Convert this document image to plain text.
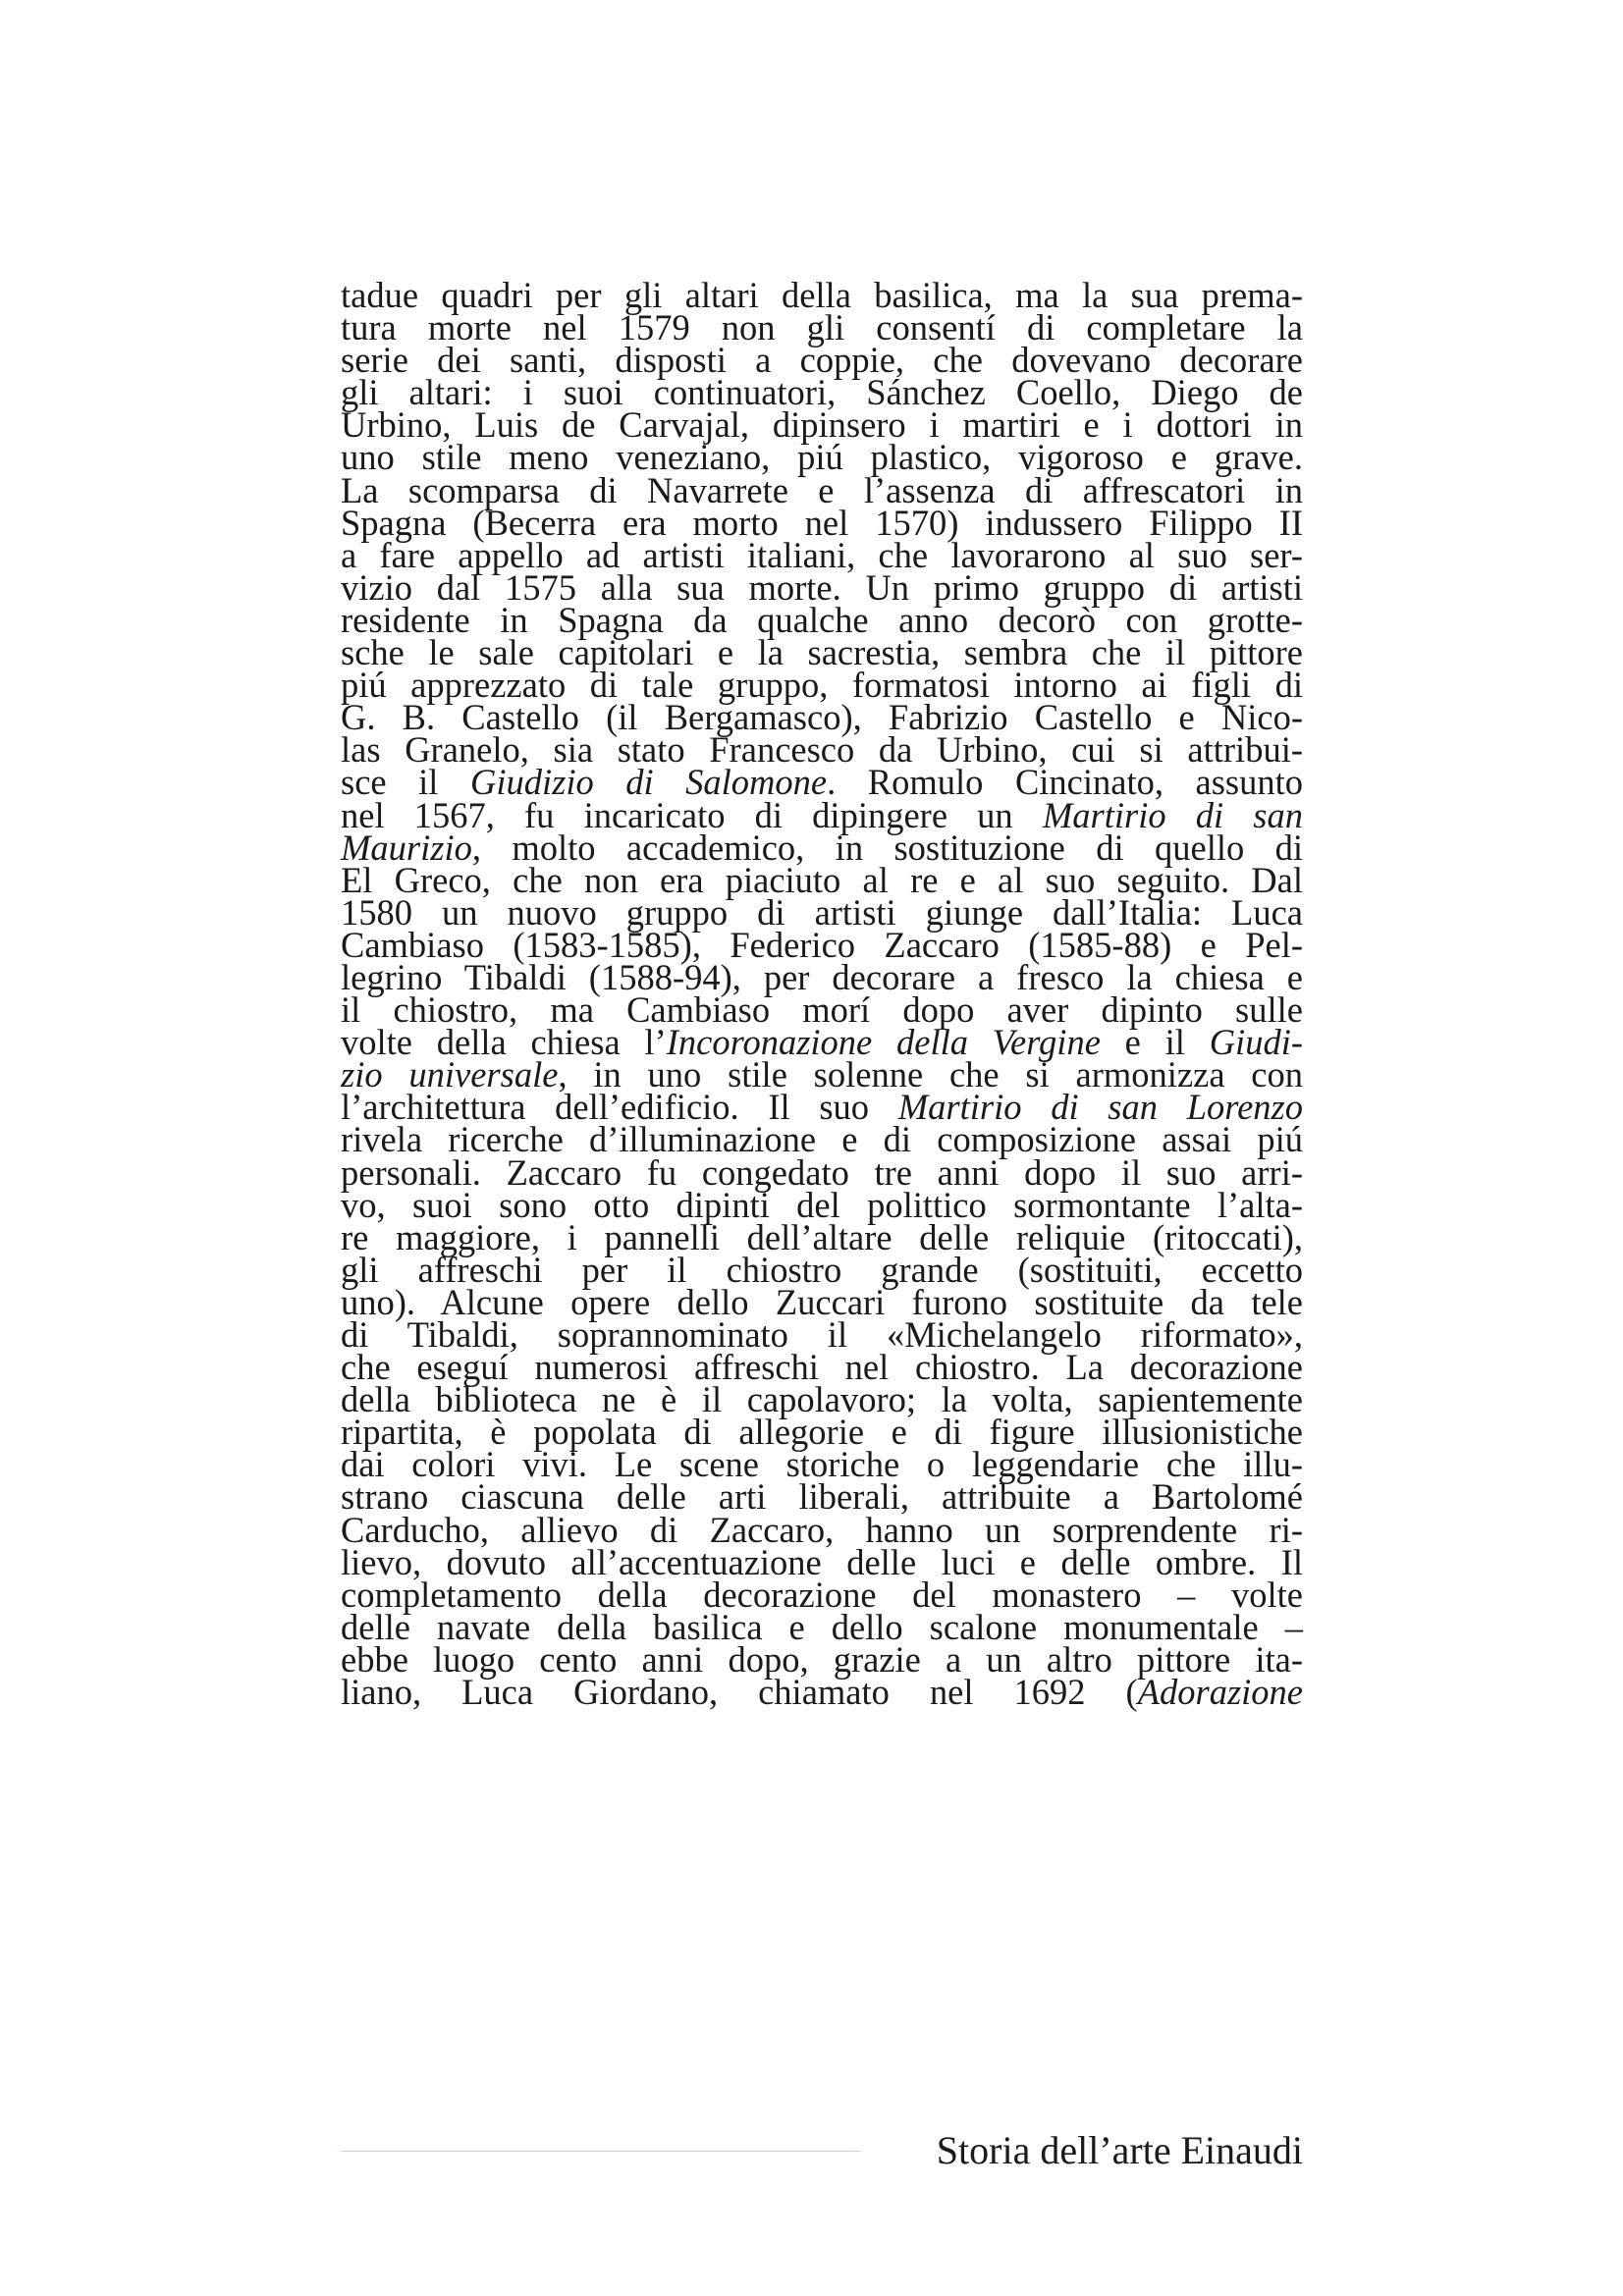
tadue quadri per gli altari della basilica, ma la sua prema-
tura morte nel 1579 non gli consentí di completare la
serie dei santi, disposti a coppie, che dovevano decorare
gli altari: i suoi continuatori, Sánchez Coello, Diego de
Urbino, Luis de Carvajal, dipinsero i martiri e i dottori in
uno stile meno veneziano, piú plastico, vigoroso e grave.
La scomparsa di Navarrete e l’assenza di affrescatori in
Spagna (Becerra era morto nel 1570) indussero Filippo II
a fare appello ad artisti italiani, che lavorarono al suo ser-
vizio dal 1575 alla sua morte. Un primo gruppo di artisti
residente in Spagna da qualche anno decorò con grotte-
sche le sale capitolari e la sacrestia, sembra che il pittore
piú apprezzato di tale gruppo, formatosi intorno ai figli di
G. B. Castello (il Bergamasco), Fabrizio Castello e Nico-
las Granelo, sia stato Francesco da Urbino, cui si attribui-
sce il Giudizio di Salomone. Romulo Cincinato, assunto
nel 1567, fu incaricato di dipingere un Martirio di san
Maurizio, molto accademico, in sostituzione di quello di
El Greco, che non era piaciuto al re e al suo seguito. Dal
1580 un nuovo gruppo di artisti giunge dall’Italia: Luca
Cambiaso (1583-1585), Federico Zaccaro (1585-88) e Pel-
legrino Tibaldi (1588-94), per decorare a fresco la chiesa e
il chiostro, ma Cambiaso morí dopo aver dipinto sulle
volte della chiesa l’Incoronazione della Vergine e il Giudi-
zio universale, in uno stile solenne che si armonizza con
l’architettura dell’edificio. Il suo Martirio di san Lorenzo
rivela ricerche d’illuminazione e di composizione assai piú
personali. Zaccaro fu congedato tre anni dopo il suo arri-
vo, suoi sono otto dipinti del polittico sormontante l’alta-
re maggiore, i pannelli dell’altare delle reliquie (ritoccati),
gli affreschi per il chiostro grande (sostituiti, eccetto
uno). Alcune opere dello Zuccari furono sostituite da tele
di Tibaldi, soprannominato il «Michelangelo riformato»,
che eseguí numerosi affreschi nel chiostro. La decorazione
della biblioteca ne è il capolavoro; la volta, sapientemente
ripartita, è popolata di allegorie e di figure illusionistiche
dai colori vivi. Le scene storiche o leggendarie che illu-
strano ciascuna delle arti liberali, attribuite a Bartolomé
Carducho, allievo di Zaccaro, hanno un sorprendente ri-
lievo, dovuto all’accentuazione delle luci e delle ombre. Il
completamento della decorazione del monastero – volte
delle navate della basilica e dello scalone monumentale –
ebbe luogo cento anni dopo, grazie a un altro pittore ita-
liano, Luca Giordano, chiamato nel 1692 (Adorazione
Storia dell’arte Einaudi
